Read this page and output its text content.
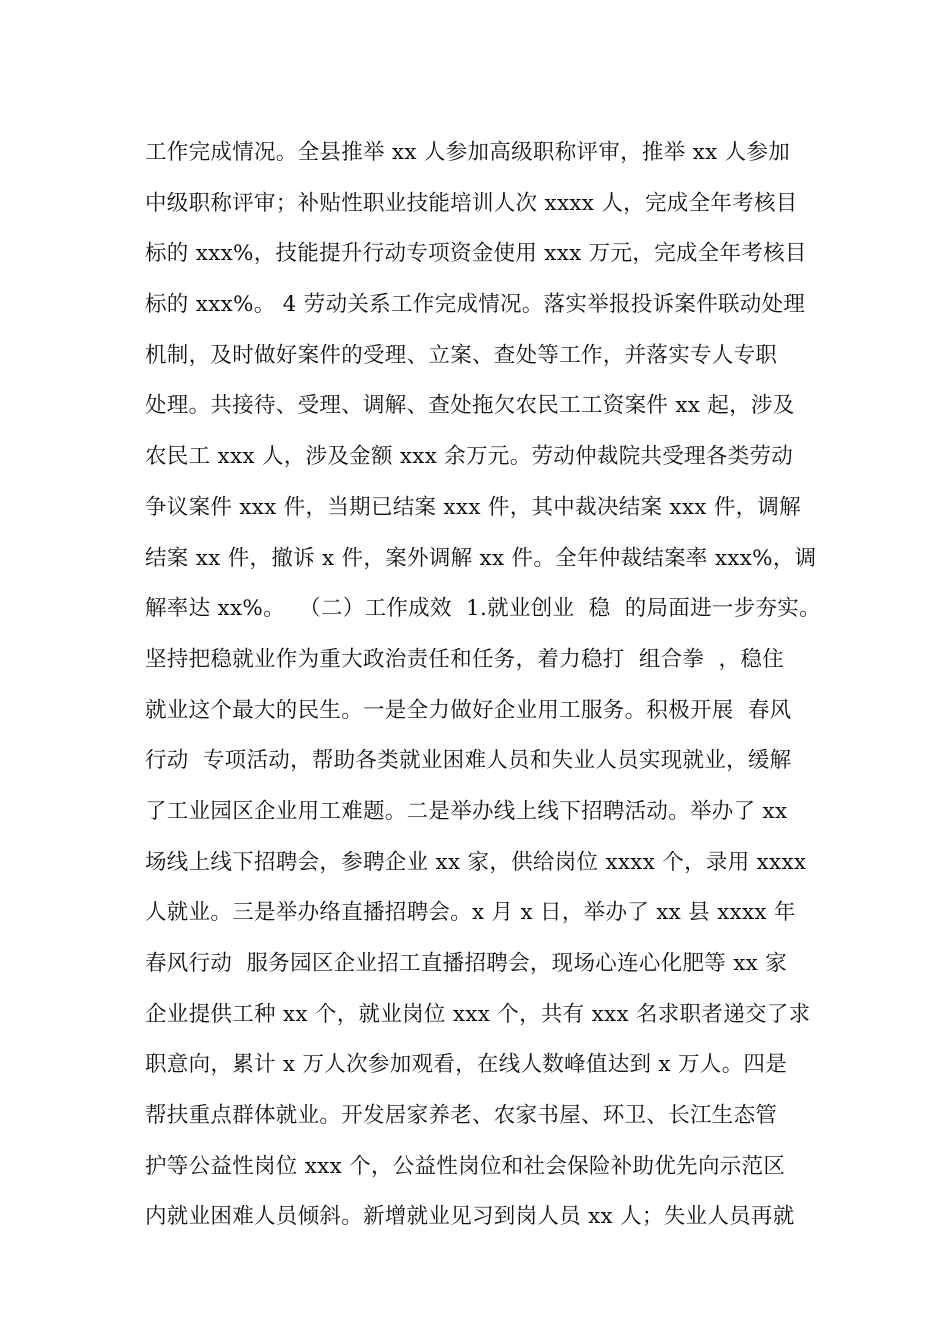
工作完成情况。全县推举 xx 人参加高级职称评审，推举 xx 人参加
中级职称评审；补贴性职业技能培训人次 xxxx 人，完成全年考核目
标的 xxx%，技能提升行动专项资金使用 xxx 万元，完成全年考核目
标的 xxx%。 4 劳动关系工作完成情况。落实举报投诉案件联动处理
机制，及时做好案件的受理、立案、查处等工作，并落实专人专职
处理。共接待、受理、调解、查处拖欠农民工工资案件 xx 起，涉及
农民工 xxx 人，涉及金额 xxx 余万元。劳动仲裁院共受理各类劳动
争议案件 xxx 件，当期已结案 xxx 件，其中裁决结案 xxx 件，调解
结案 xx 件，撤诉 x 件，案外调解 xx 件。全年仲裁结案率 xxx%，调
解率达 xx%。  （二）工作成效  1.就业创业  稳  的局面进一步夯实。
坚持把稳就业作为重大政治责任和任务，着力稳打  组合拳  ，稳住
就业这个最大的民生。一是全力做好企业用工服务。积极开展  春风
行动  专项活动，帮助各类就业困难人员和失业人员实现就业，缓解
了工业园区企业用工难题。二是举办线上线下招聘活动。举办了 xx
场线上线下招聘会，参聘企业 xx 家，供给岗位 xxxx 个，录用 xxxx
人就业。三是举办络直播招聘会。x 月 x 日，举办了 xx 县 xxxx 年
春风行动  服务园区企业招工直播招聘会，现场心连心化肥等 xx 家
企业提供工种 xx 个，就业岗位 xxx 个，共有 xxx 名求职者递交了求
职意向，累计 x 万人次参加观看，在线人数峰值达到 x 万人。四是
帮扶重点群体就业。开发居家养老、农家书屋、环卫、长江生态管
护等公益性岗位 xxx 个，公益性岗位和社会保险补助优先向示范区
内就业困难人员倾斜。新增就业见习到岗人员 xx 人；失业人员再就
